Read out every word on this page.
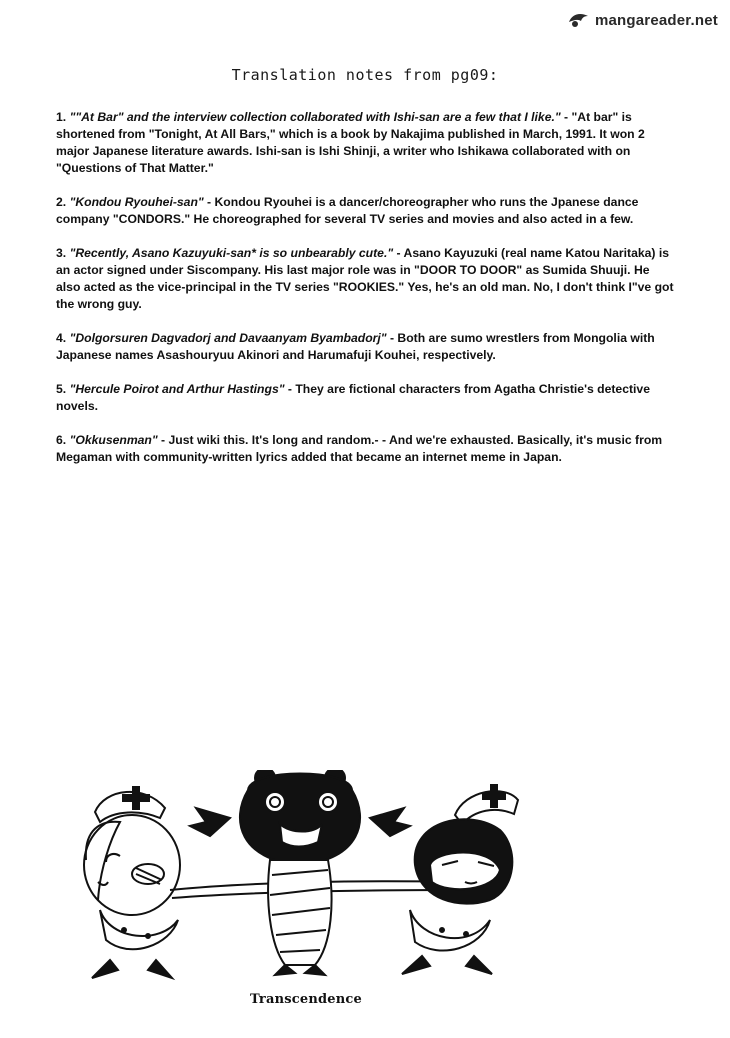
mangareader.net
Translation notes from pg09:

1. ""At Bar" and the interview collection collaborated with Ishi-san are a few that I like." - "At bar" is shortened from "Tonight, At All Bars," which is a book by Nakajima published in March, 1991. It won 2 major Japanese literature awards. Ishi-san is Ishi Shinji, a writer who Ishikawa collaborated with on "Questions of That Matter."

2. "Kondou Ryouhei-san" - Kondou Ryouhei is a dancer/choreographer who runs the Jpanese dance company "CONDORS." He choreographed for several TV series and movies and also acted in a few.

3. "Recently, Asano Kazuyuki-san* is so unbearably cute." - Asano Kayuzuki (real name Katou Naritaka) is an actor signed under Siscompany. His last major role was in "DOOR TO DOOR" as Sumida Shuuji. He also acted as the vice-principal in the TV series "ROOKIES." Yes, he's an old man. No, I don't think I"ve got the wrong guy.

4. "Dolgorsuren Dagvadorj and Davaanyam Byambadorj" - Both are sumo wrestlers from Mongolia with Japanese names Asashouryuu Akinori and Harumafuji Kouhei, respectively.

5. "Hercule Poirot and Arthur Hastings" - They are fictional characters from Agatha Christie's detective novels.

6. "Okkusenman" - Just wiki this. It's long and random.- - And we're exhausted. Basically, it's music from Megaman with community-written lyrics added that became an internet meme in Japan.

Transcendence
